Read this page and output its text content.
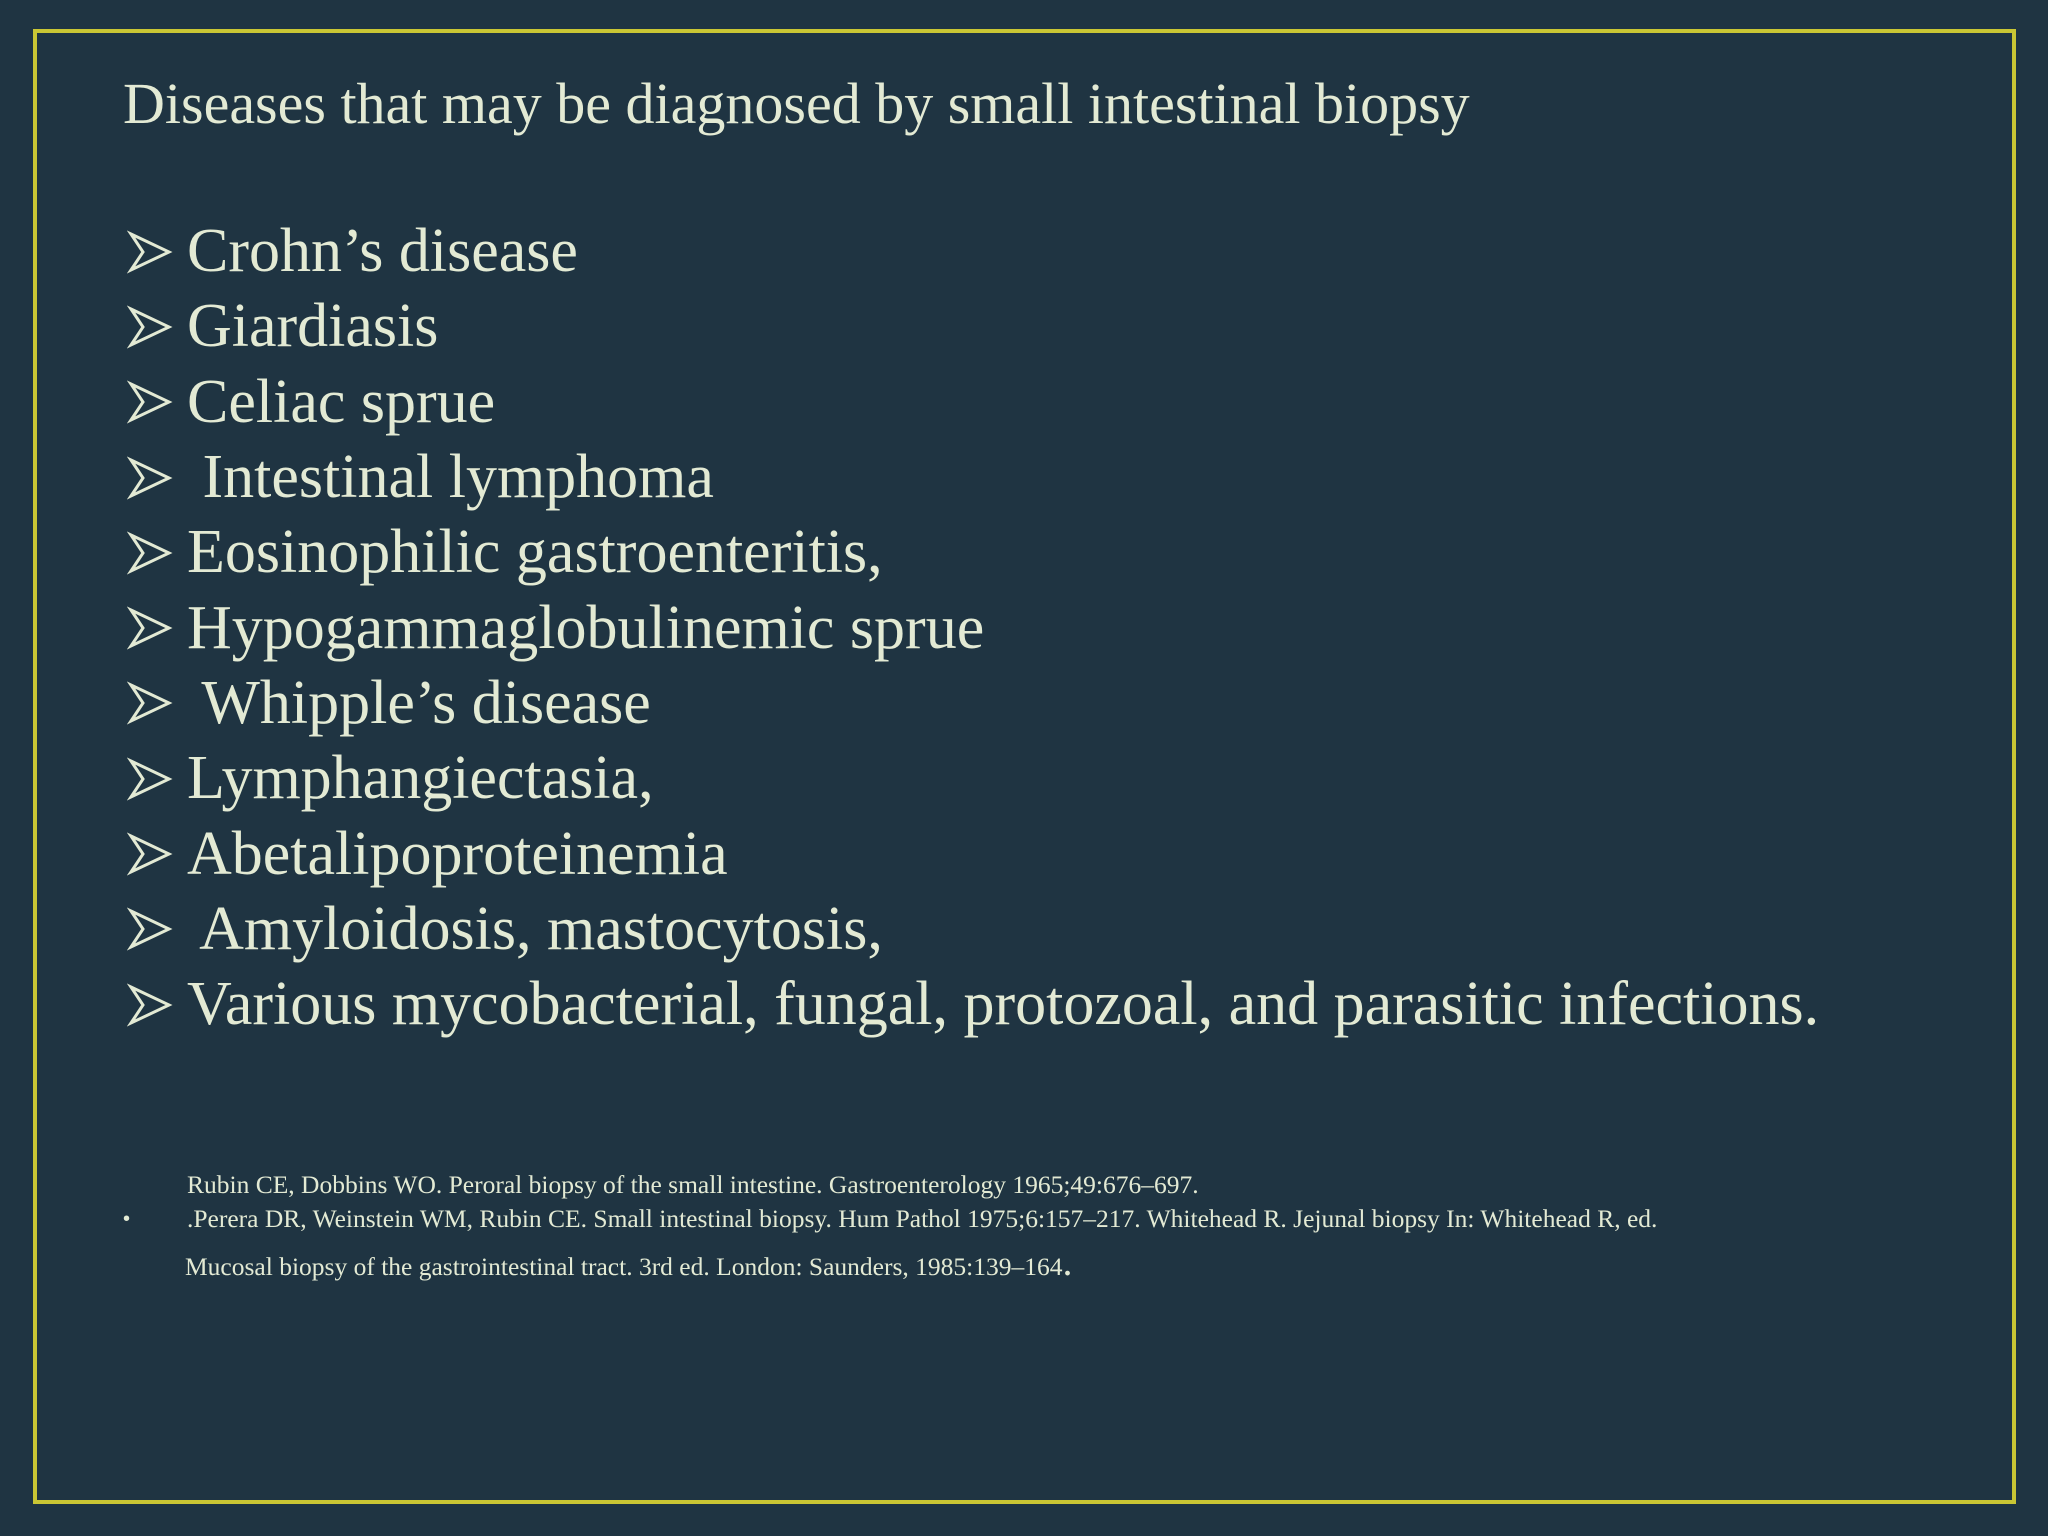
Diseases that may be diagnosed by small intestinal biopsy
Crohn’s disease
Giardiasis
Celiac sprue
Intestinal lymphoma
Eosinophilic gastroenteritis,
Hypogammaglobulinemic sprue
Whipple’s disease
Lymphangiectasia,
Abetalipoproteinemia
Amyloidosis, mastocytosis,
Various mycobacterial, fungal, protozoal, and parasitic infections.
•
Rubin CE, Dobbins WO. Peroral biopsy of the small intestine. Gastroenterology 1965;49:676–697.
.Perera DR, Weinstein WM, Rubin CE. Small intestinal biopsy. Hum Pathol 1975;6:157–217. Whitehead R. Jejunal biopsy In: Whitehead R, ed.
Mucosal biopsy of the gastrointestinal tract. 3rd ed. London: Saunders, 1985:139–164.
